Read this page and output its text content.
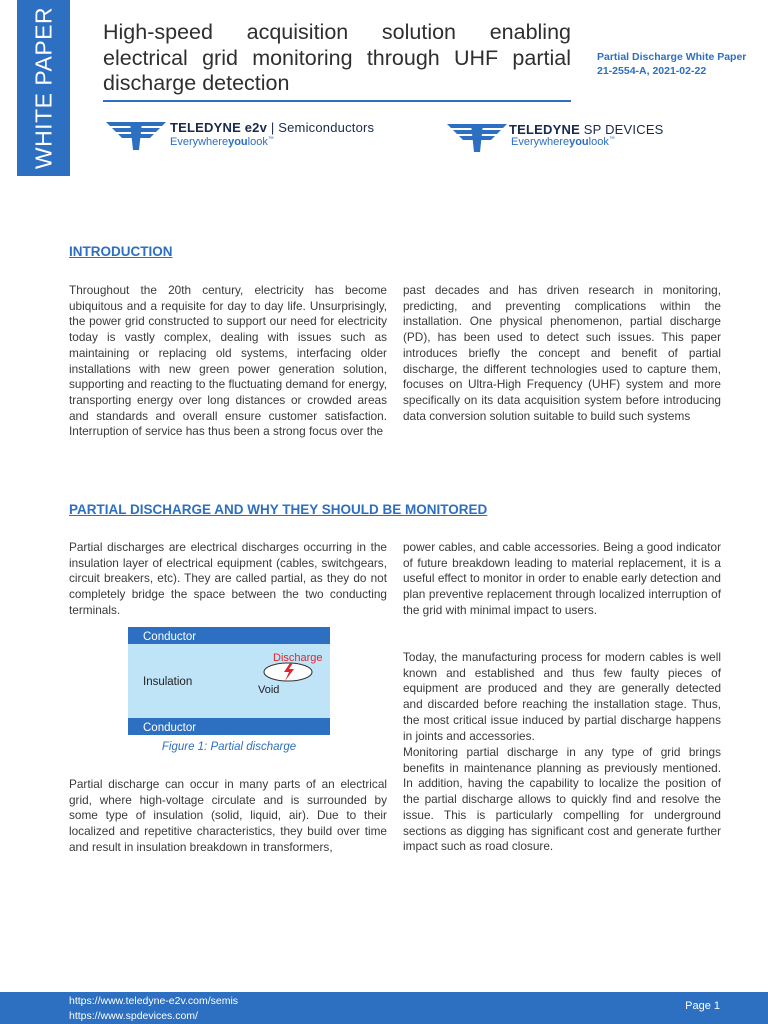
WHITE PAPER High-speed acquisition solution enabling electrical grid monitoring through UHF partial discharge detection
Partial Discharge White Paper
21-2554-A, 2021-02-22
TELEDYNE e2v | Semiconductors
Everywhereyoulook™
TELEDYNE SP DEVICES
Everywhereyoulook™
INTRODUCTION
Throughout the 20th century, electricity has become ubiquitous and a requisite for day to day life. Unsurprisingly, the power grid constructed to support our need for electricity today is vastly complex, dealing with issues such as maintaining or replacing old systems, interfacing older installations with new green power generation solution, supporting and reacting to the fluctuating demand for energy, transporting energy over long distances or crowded areas and standards and overall ensure customer satisfaction. Interruption of service has thus been a strong focus over the
past decades and has driven research in monitoring, predicting, and preventing complications within the installation. One physical phenomenon, partial discharge (PD), has been used to detect such issues. This paper introduces briefly the concept and benefit of partial discharge, the different technologies used to capture them, focuses on Ultra-High Frequency (UHF) system and more specifically on its data acquisition system before introducing data conversion solution suitable to build such systems
PARTIAL DISCHARGE AND WHY THEY SHOULD BE MONITORED
Partial discharges are electrical discharges occurring in the insulation layer of electrical equipment (cables, switchgears, circuit breakers, etc). They are called partial, as they do not completely bridge the space between the two conducting terminals.
Conductor
Conductor
Insulation
Discharge
Void
Figure 1: Partial discharge
Partial discharge can occur in many parts of an electrical grid, where high-voltage circulate and is surrounded by some type of insulation (solid, liquid, air). Due to their localized and repetitive characteristics, they build over time and result in insulation breakdown in transformers,
power cables, and cable accessories. Being a good indicator of future breakdown leading to material replacement, it is a useful effect to monitor in order to enable early detection and plan preventive replacement through localized interruption of the grid with minimal impact to users.
Today, the manufacturing process for modern cables is well known and established and thus few faulty pieces of equipment are produced and they are generally detected and discarded before reaching the installation stage. Thus, the most critical issue induced by partial discharge happens in joints and accessories.
Monitoring partial discharge in any type of grid brings benefits in maintenance planning as previously mentioned. In addition, having the capability to localize the position of the partial discharge allows to quickly find and resolve the issue. This is particularly compelling for underground sections as digging has significant cost and generate further impact such as road closure.
https://www.teledyne-e2v.com/semis
https://www.spdevices.com/
Page 1
